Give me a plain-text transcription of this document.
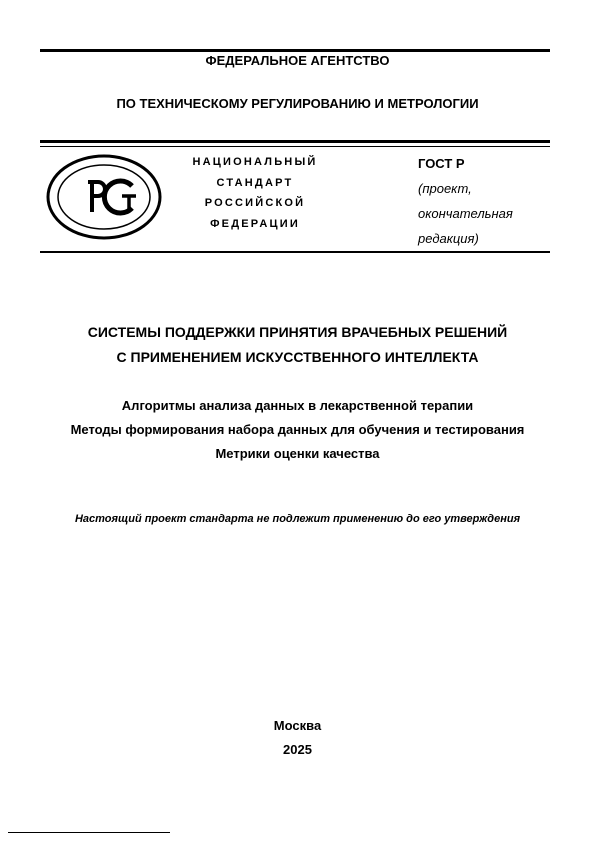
ФЕДЕРАЛЬНОЕ АГЕНТСТВО
ПО ТЕХНИЧЕСКОМУ РЕГУЛИРОВАНИЮ И МЕТРОЛОГИИ
НАЦИОНАЛЬНЫЙ
СТАНДАРТ
РОССИЙСКОЙ
ФЕДЕРАЦИИ
ГОСТ Р
(проект,
окончательная
редакция)
СИСТЕМЫ ПОДДЕРЖКИ ПРИНЯТИЯ ВРАЧЕБНЫХ РЕШЕНИЙ
С ПРИМЕНЕНИЕМ ИСКУССТВЕННОГО ИНТЕЛЛЕКТА
Алгоритмы анализа данных в лекарственной терапии
Методы формирования набора данных для обучения и тестирования
Метрики оценки качества
Настоящий проект стандарта не подлежит применению до его утверждения
Москва
2025
